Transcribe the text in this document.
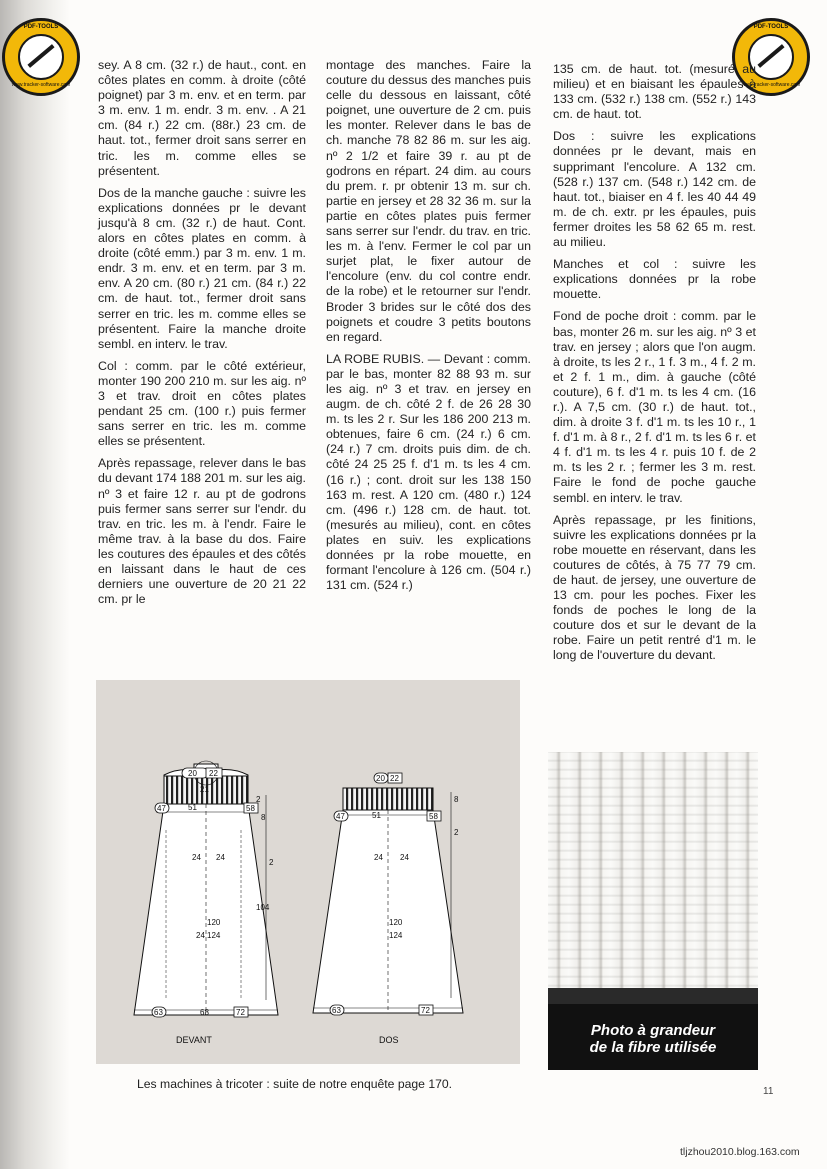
PDF-TOOLS
www.tracker-software.com
PDF-TOOLS
www.tracker-software.com

sey. A 8 cm. (32 r.) de haut., cont. en côtes plates en comm. à droite (côté poignet) par 3 m. env. et en term. par 3 m. env. 1 m. endr. 3 m. env. . A 21 cm. (84 r.) 22 cm. (88r.) 23 cm. de haut. tot., fermer droit sans serrer en tric. les m. comme elles se présentent.

Dos de la manche gauche : suivre les explications données pr le devant jusqu'à 8 cm. (32 r.) de haut. Cont. alors en côtes plates en comm. à droite (côté emm.) par 3 m. env. 1 m. endr. 3 m. env. et en term. par 3 m. env. A 20 cm. (80 r.) 21 cm. (84 r.) 22 cm. de haut. tot., fermer droit sans serrer en tric. les m. comme elles se présentent. Faire la manche droite sembl. en interv. le trav.

Col : comm. par le côté extérieur, monter 190 200 210 m. sur les aig. nº 3 et trav. droit en côtes plates pendant 25 cm. (100 r.) puis fermer sans serrer en tric. les m. comme elles se présentent.

Après repassage, relever dans le bas du devant 174 188 201 m. sur les aig. nº 3 et faire 12 r. au pt de godrons puis fermer sans serrer sur l'endr. du trav. en tric. les m. à l'endr. Faire le même trav. à la base du dos. Faire les coutures des épaules et des côtés en laissant dans le haut de ces derniers une ouverture de 20 21 22 cm. pr le

montage des manches. Faire la couture du dessus des manches puis celle du dessous en laissant, côté poignet, une ouverture de 2 cm. puis les monter. Relever dans le bas de ch. manche 78 82 86 m. sur les aig. nº 2 1/2 et faire 39 r. au pt de godrons en répart. 24 dim. au cours du prem. r. pr obtenir 13 m. sur ch. partie en jersey et 28 32 36 m. sur la partie en côtes plates puis fermer sans serrer sur l'endr. du trav. en tric. les m. à l'env. Fermer le col par un surjet plat, le fixer autour de l'encolure (env. du col contre endr. de la robe) et le retourner sur l'endr. Broder 3 brides sur le côté dos des poignets et coudre 3 petits boutons en regard.

LA ROBE RUBIS. — Devant : comm. par le bas, monter 82 88 93 m. sur les aig. nº 3 et trav. en jersey en augm. de ch. côté 2 f. de 26 28 30 m. ts les 2 r. Sur les 186 200 213 m. obtenues, faire 6 cm. (24 r.) 6 cm. (24 r.) 7 cm. droits puis dim. de ch. côté 24 25 25 f. d'1 m. ts les 4 cm. (16 r.) ; cont. droit sur les 138 150 163 m. rest. A 120 cm. (480 r.) 124 cm. (496 r.) 128 cm. de haut. tot. (mesurés au milieu), cont. en côtes plates en suiv. les explications données pr la robe mouette, en formant l'encolure à 126 cm. (504 r.) 131 cm. (524 r.)

135 cm. de haut. tot. (mesuré au milieu) et en biaisant les épaules à 133 cm. (532 r.) 138 cm. (552 r.) 143 cm. de haut. tot.

Dos : suivre les explications données pr le devant, mais en supprimant l'encolure. A 132 cm. (528 r.) 137 cm. (548 r.) 142 cm. de haut. tot., biaiser en 4 f. les 40 44 49 m. de ch. extr. pr les épaules, puis fermer droites les 58 62 65 m. rest. au milieu.

Manches et col : suivre les explications données pr la robe mouette.

Fond de poche droit : comm. par le bas, monter 26 m. sur les aig. nº 3 et trav. en jersey ; alors que l'on augm. à droite, ts les 2 r., 1 f. 3 m., 4 f. 2 m. et 2 f. 1 m., dim. à gauche (côté couture), 6 f. d'1 m. ts les 4 cm. (16 r.). A 7,5 cm. (30 r.) de haut. tot., dim. à droite 3 f. d'1 m. ts les 10 r., 1 f. d'1 m. à 8 r., 2 f. d'1 m. ts les 6 r. et 4 f. d'1 m. ts les 4 r. puis 10 f. de 2 m. ts les 2 r. ; fermer les 3 m. rest. Faire le fond de poche gauche sembl. en interv. le trav.

Après repassage, pr les finitions, suivre les explications données pr la robe mouette en réservant, dans les coutures de côtés, à 75 77 79 cm. de haut. de jersey, une ouverture de 13 cm. pour les poches. Fixer les fonds de poches le long de la couture dos et sur le devant de la robe. Faire un petit rentré d'1 m. le long de l'ouverture du devant.

20 22
21
51
47	58
2
8
24 24
2
24
120
124
104
63	68	72
DEVANT
20 22
47	51	58
8
24
2
24
120
124
63	72
DOS
Photo à grandeur
de la fibre utilisée
Les machines à tricoter : suite de notre enquête page 170.
11
tljzhou2010.blog.163.com
